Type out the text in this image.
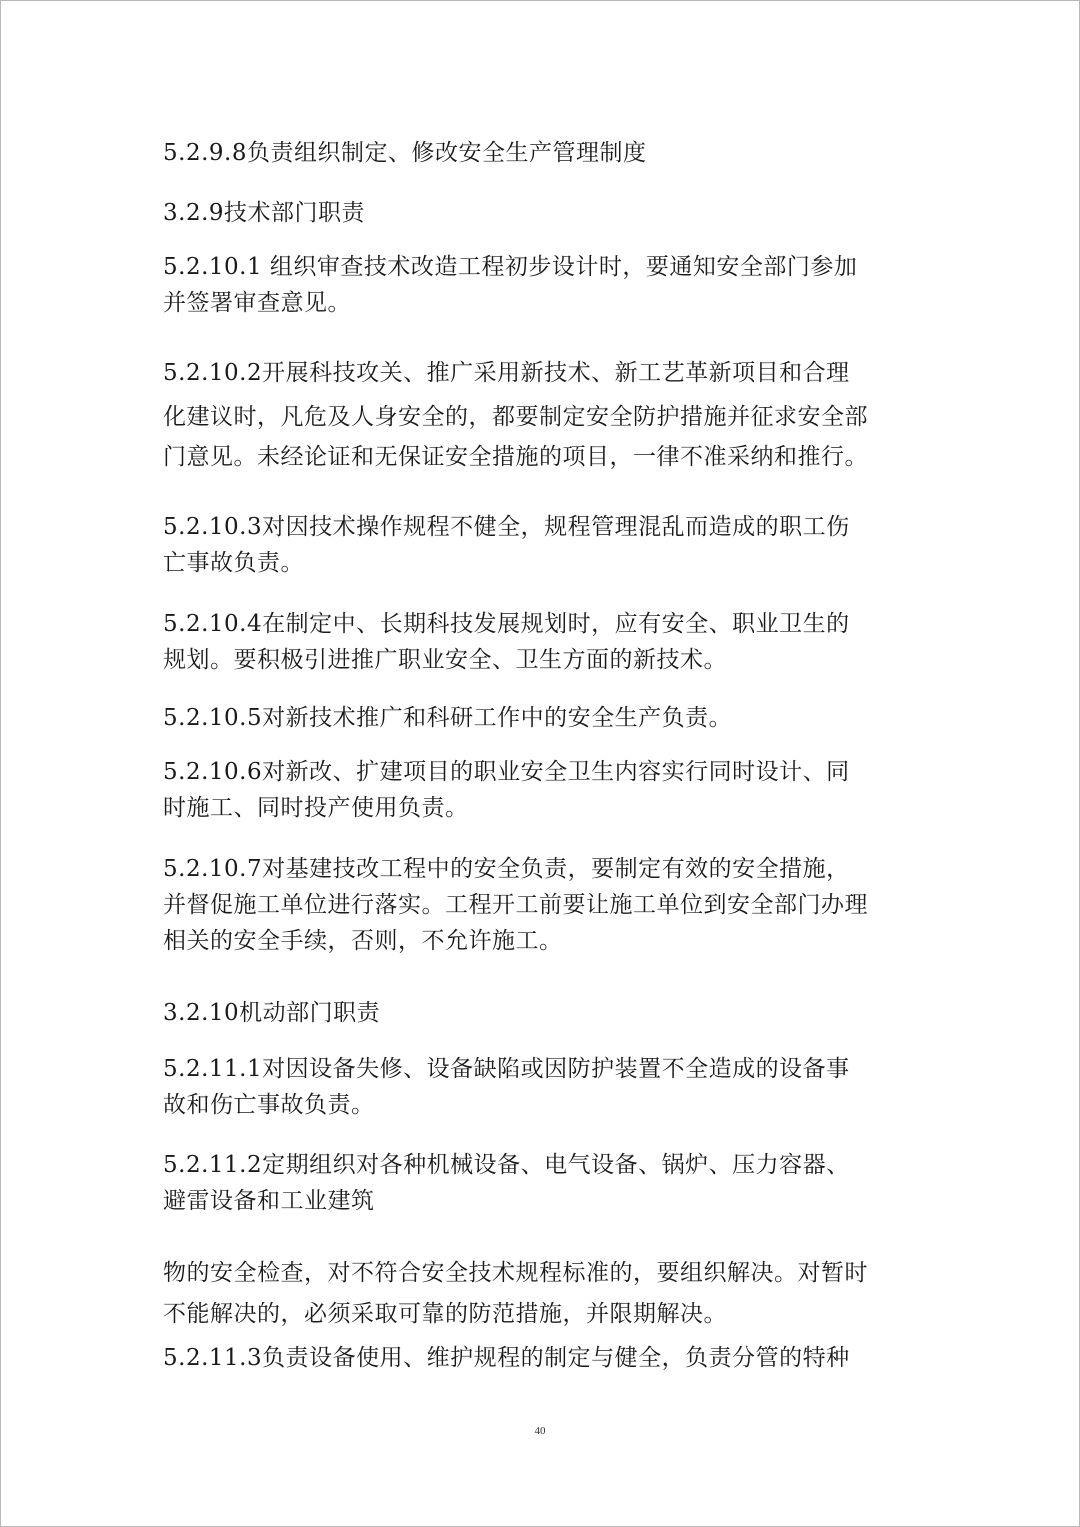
5.2.9.8负责组织制定、修改安全生产管理制度
3.2.9技术部门职责
5.2.10.1 组织审查技术改造工程初步设计时，要通知安全部门参加
并签署审查意见。
5.2.10.2开展科技攻关、推广采用新技术、新工艺革新项目和合理
化建议时，凡危及人身安全的，都要制定安全防护措施并征求安全部
门意见。未经论证和无保证安全措施的项目，一律不准采纳和推行。
5.2.10.3对因技术操作规程不健全，规程管理混乱而造成的职工伤
亡事故负责。
5.2.10.4在制定中、长期科技发展规划时，应有安全、职业卫生的
规划。要积极引进推广职业安全、卫生方面的新技术。
5.2.10.5对新技术推广和科研工作中的安全生产负责。
5.2.10.6对新改、扩建项目的职业安全卫生内容实行同时设计、同
时施工、同时投产使用负责。
5.2.10.7对基建技改工程中的安全负责，要制定有效的安全措施，
并督促施工单位进行落实。工程开工前要让施工单位到安全部门办理
相关的安全手续，否则，不允许施工。
3.2.10机动部门职责
5.2.11.1对因设备失修、设备缺陷或因防护装置不全造成的设备事
故和伤亡事故负责。
5.2.11.2定期组织对各种机械设备、电气设备、锅炉、压力容器、
避雷设备和工业建筑
物的安全检查，对不符合安全技术规程标准的，要组织解决。对暂时
不能解决的，必须采取可靠的防范措施，并限期解决。
5.2.11.3负责设备使用、维护规程的制定与健全，负责分管的特种
40
